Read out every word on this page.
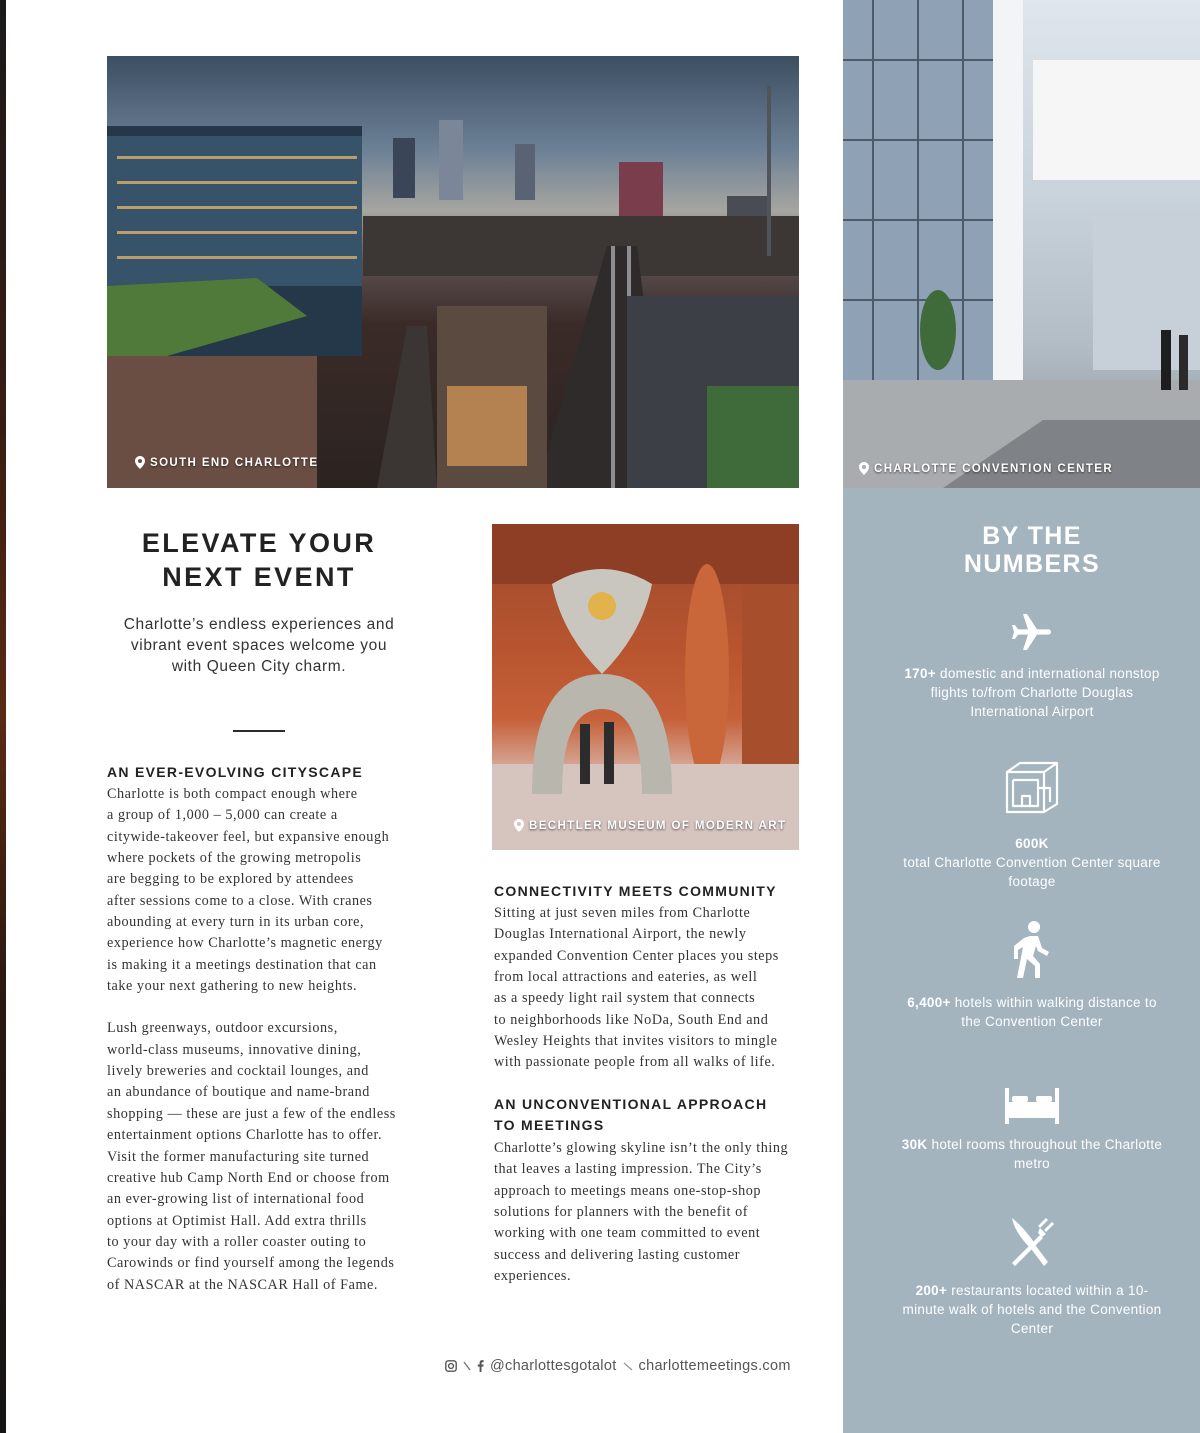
SOUTH END CHARLOTTE	CHARLOTTE CONVENTION CENTER
BECHTLER MUSEUM OF MODERN ART
ELEVATE YOUR
NEXT EVENT

Charlotte’s endless experiences and vibrant event spaces welcome you with Queen City charm.

AN EVER-EVOLVING CITYSCAPE

Charlotte is both compact enough where
a group of 1,000 – 5,000 can create a
citywide-takeover feel, but expansive enough
where pockets of the growing metropolis
are begging to be explored by attendees
after sessions come to a close. With cranes
abounding at every turn in its urban core,
experience how Charlotte’s magnetic energy
is making it a meetings destination that can
take your next gathering to new heights.

Lush greenways, outdoor excursions,
world-class museums, innovative dining,
lively breweries and cocktail lounges, and
an abundance of boutique and name-brand
shopping — these are just a few of the endless
entertainment options Charlotte has to offer.
Visit the former manufacturing site turned
creative hub Camp North End or choose from
an ever-growing list of international food
options at Optimist Hall. Add extra thrills
to your day with a roller coaster outing to
Carowinds or find yourself among the legends
of NASCAR at the NASCAR Hall of Fame.

CONNECTIVITY MEETS COMMUNITY

Sitting at just seven miles from Charlotte
Douglas International Airport, the newly
expanded Convention Center places you steps
from local attractions and eateries, as well
as a speedy light rail system that connects
to neighborhoods like NoDa, South End and
Wesley Heights that invites visitors to mingle
with passionate people from all walks of life.

AN UNCONVENTIONAL APPROACH
TO MEETINGS

Charlotte’s glowing skyline isn’t the only thing
that leaves a lasting impression. The City’s
approach to meetings means one-stop-shop
solutions for planners with the benefit of
working with one team committed to event
success and delivering lasting customer
experiences.

BY THE
NUMBERS

170+ domestic and international nonstop flights to/from Charlotte Douglas International Airport

600K
total Charlotte Convention Center square footage

6,400+ hotels within walking distance to the Convention Center

30K hotel rooms throughout the Charlotte metro

200+ restaurants located within a 10-minute walk of hotels and the Convention Center

@charlottesgotalot charlottemeetings.com
